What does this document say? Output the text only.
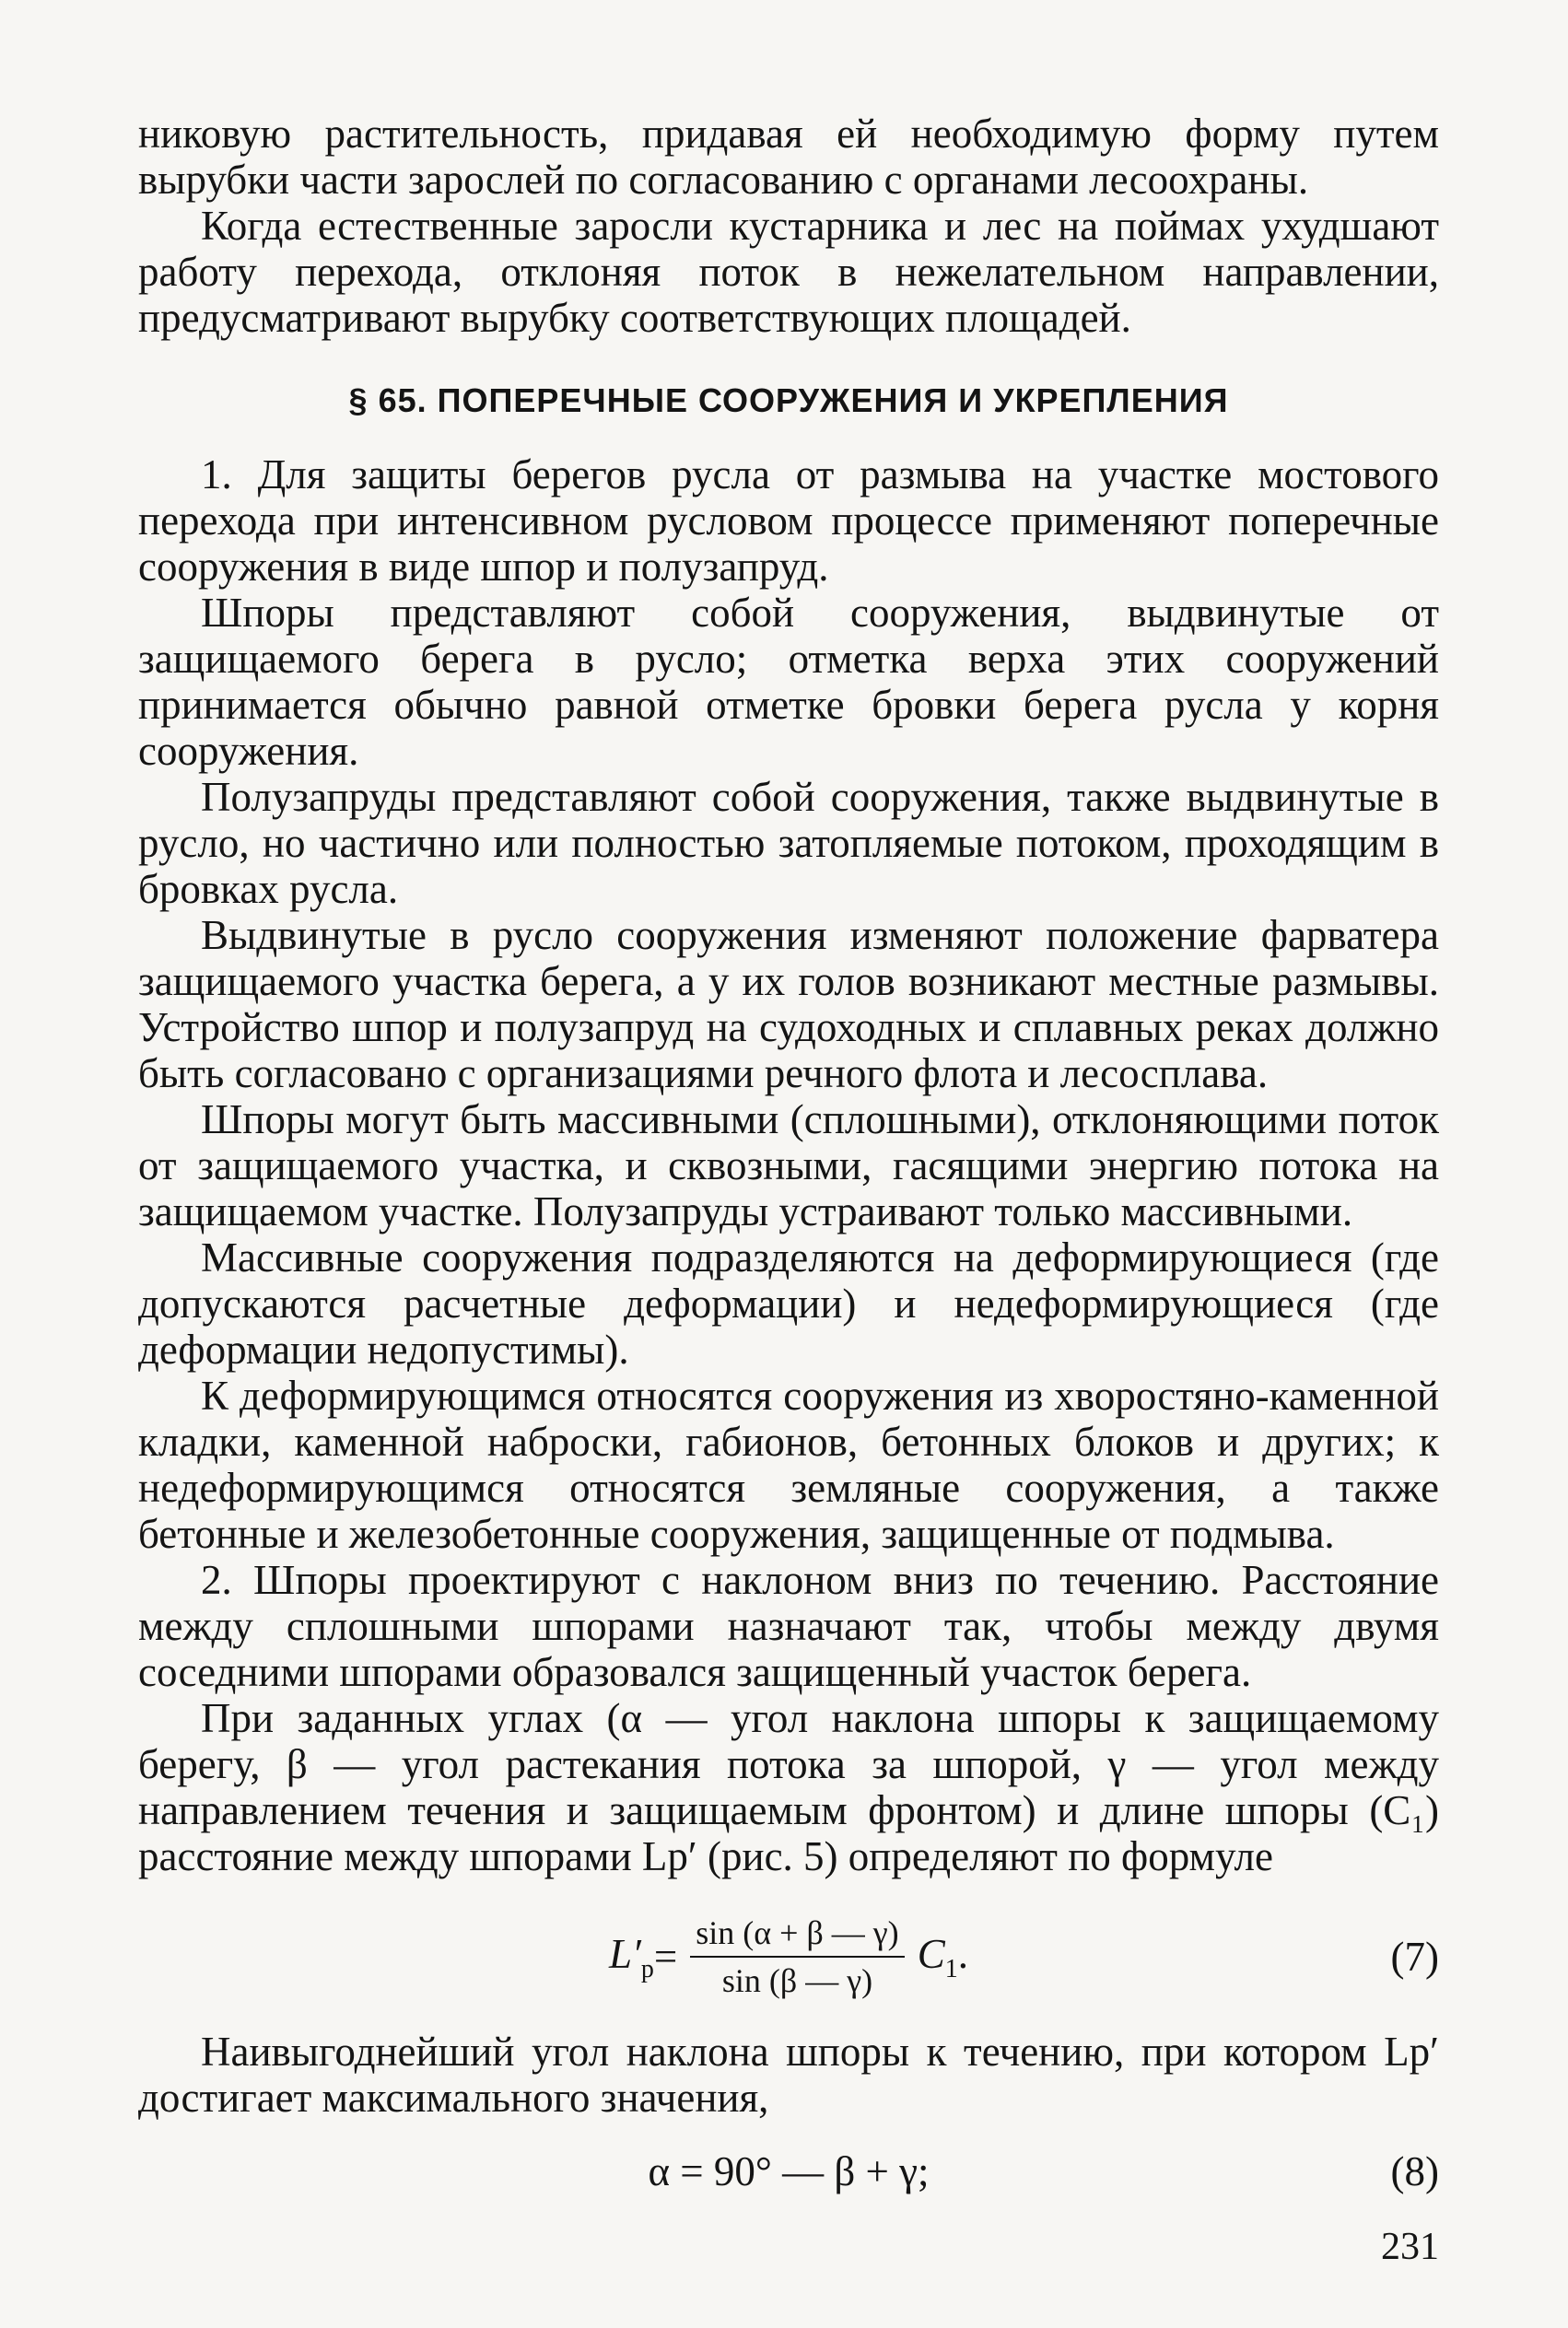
никовую растительность, придавая ей необходимую форму путем вырубки части зарослей по согласованию с органами лесоохраны.

Когда естественные заросли кустарника и лес на поймах ухудшают работу перехода, отклоняя поток в нежелательном направлении, предусматривают вырубку соответствующих площадей.

§ 65. ПОПЕРЕЧНЫЕ СООРУЖЕНИЯ И УКРЕПЛЕНИЯ

1. Для защиты берегов русла от размыва на участке мостового перехода при интенсивном русловом процессе применяют поперечные сооружения в виде шпор и полузапруд.

Шпоры представляют собой сооружения, выдвинутые от защищаемого берега в русло; отметка верха этих сооружений принимается обычно равной отметке бровки берега русла у корня сооружения.

Полузапруды представляют собой сооружения, также выдвинутые в русло, но частично или полностью затопляемые потоком, проходящим в бровках русла.

Выдвинутые в русло сооружения изменяют положение фарватера защищаемого участка берега, а у их голов возникают местные размывы. Устройство шпор и полузапруд на судоходных и сплавных реках должно быть согласовано с организациями речного флота и лесосплава.

Шпоры могут быть массивными (сплошными), отклоняющими поток от защищаемого участка, и сквозными, гасящими энергию потока на защищаемом участке. Полузапруды устраивают только массивными.

Массивные сооружения подразделяются на деформирующиеся (где допускаются расчетные деформации) и недеформирующиеся (где деформации недопустимы).

К деформирующимся относятся сооружения из хворостяно-каменной кладки, каменной наброски, габионов, бетонных блоков и других; к недеформирующимся относятся земляные сооружения, а также бетонные и железобетонные сооружения, защищенные от подмыва.

2. Шпоры проектируют с наклоном вниз по течению. Расстояние между сплошными шпорами назначают так, чтобы между двумя соседними шпорами образовался защищенный участок берега.

При заданных углах (α — угол наклона шпоры к защищаемому берегу, β — угол растекания потока за шпорой, γ — угол между направлением течения и защищаемым фронтом) и длине шпоры (C₁) расстояние между шпорами Lр′ (рис. 5) определяют по формуле

$L'_р = \frac{\sin (\alpha + \beta — \gamma)}{\sin (\beta — \gamma)} C_1$.	(7)

Наивыгоднейший угол наклона шпоры к течению, при котором Lр′ достигает максимального значения,

α = 90° — β + γ;	(8)
231
